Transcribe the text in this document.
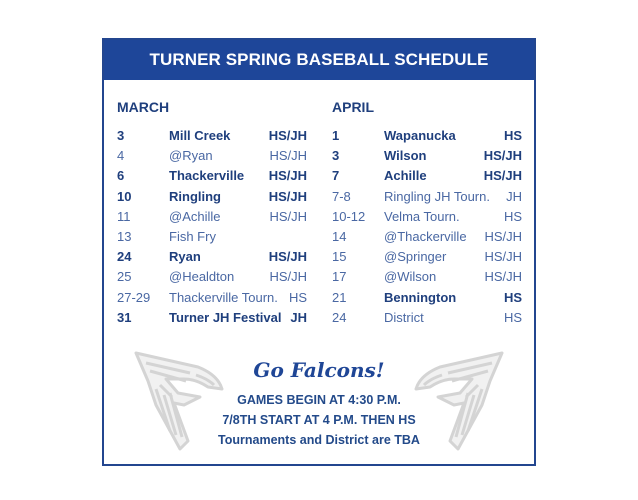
TURNER SPRING BASEBALL SCHEDULE
MARCH	APRIL
3	Mill Creek	HS/JH
4	@Ryan	HS/JH
6	Thackerville HS/JH
10	Ringling	HS/JH
11	@Achille	HS/JH
13	Fish Fry
24	Ryan	HS/JH
25	@Healdton	HS/JH
27-29 Thackerville Tourn. HS
31	Turner JH Festival JH
1	Wapanucka	HS
3	Wilson	HS/JH
7	Achille	HS/JH
7-8	Ringling JH Tourn. JH
10-12 Velma Tourn.	HS
14	@Thackerville HS/JH
15	@Springer	HS/JH
17	@Wilson	HS/JH
21	Bennington	HS
24	District	HS
Go Falcons!
GAMES BEGIN AT 4:30 P.M.
7/8TH START AT 4 P.M. THEN HS
Tournaments and District are TBA
